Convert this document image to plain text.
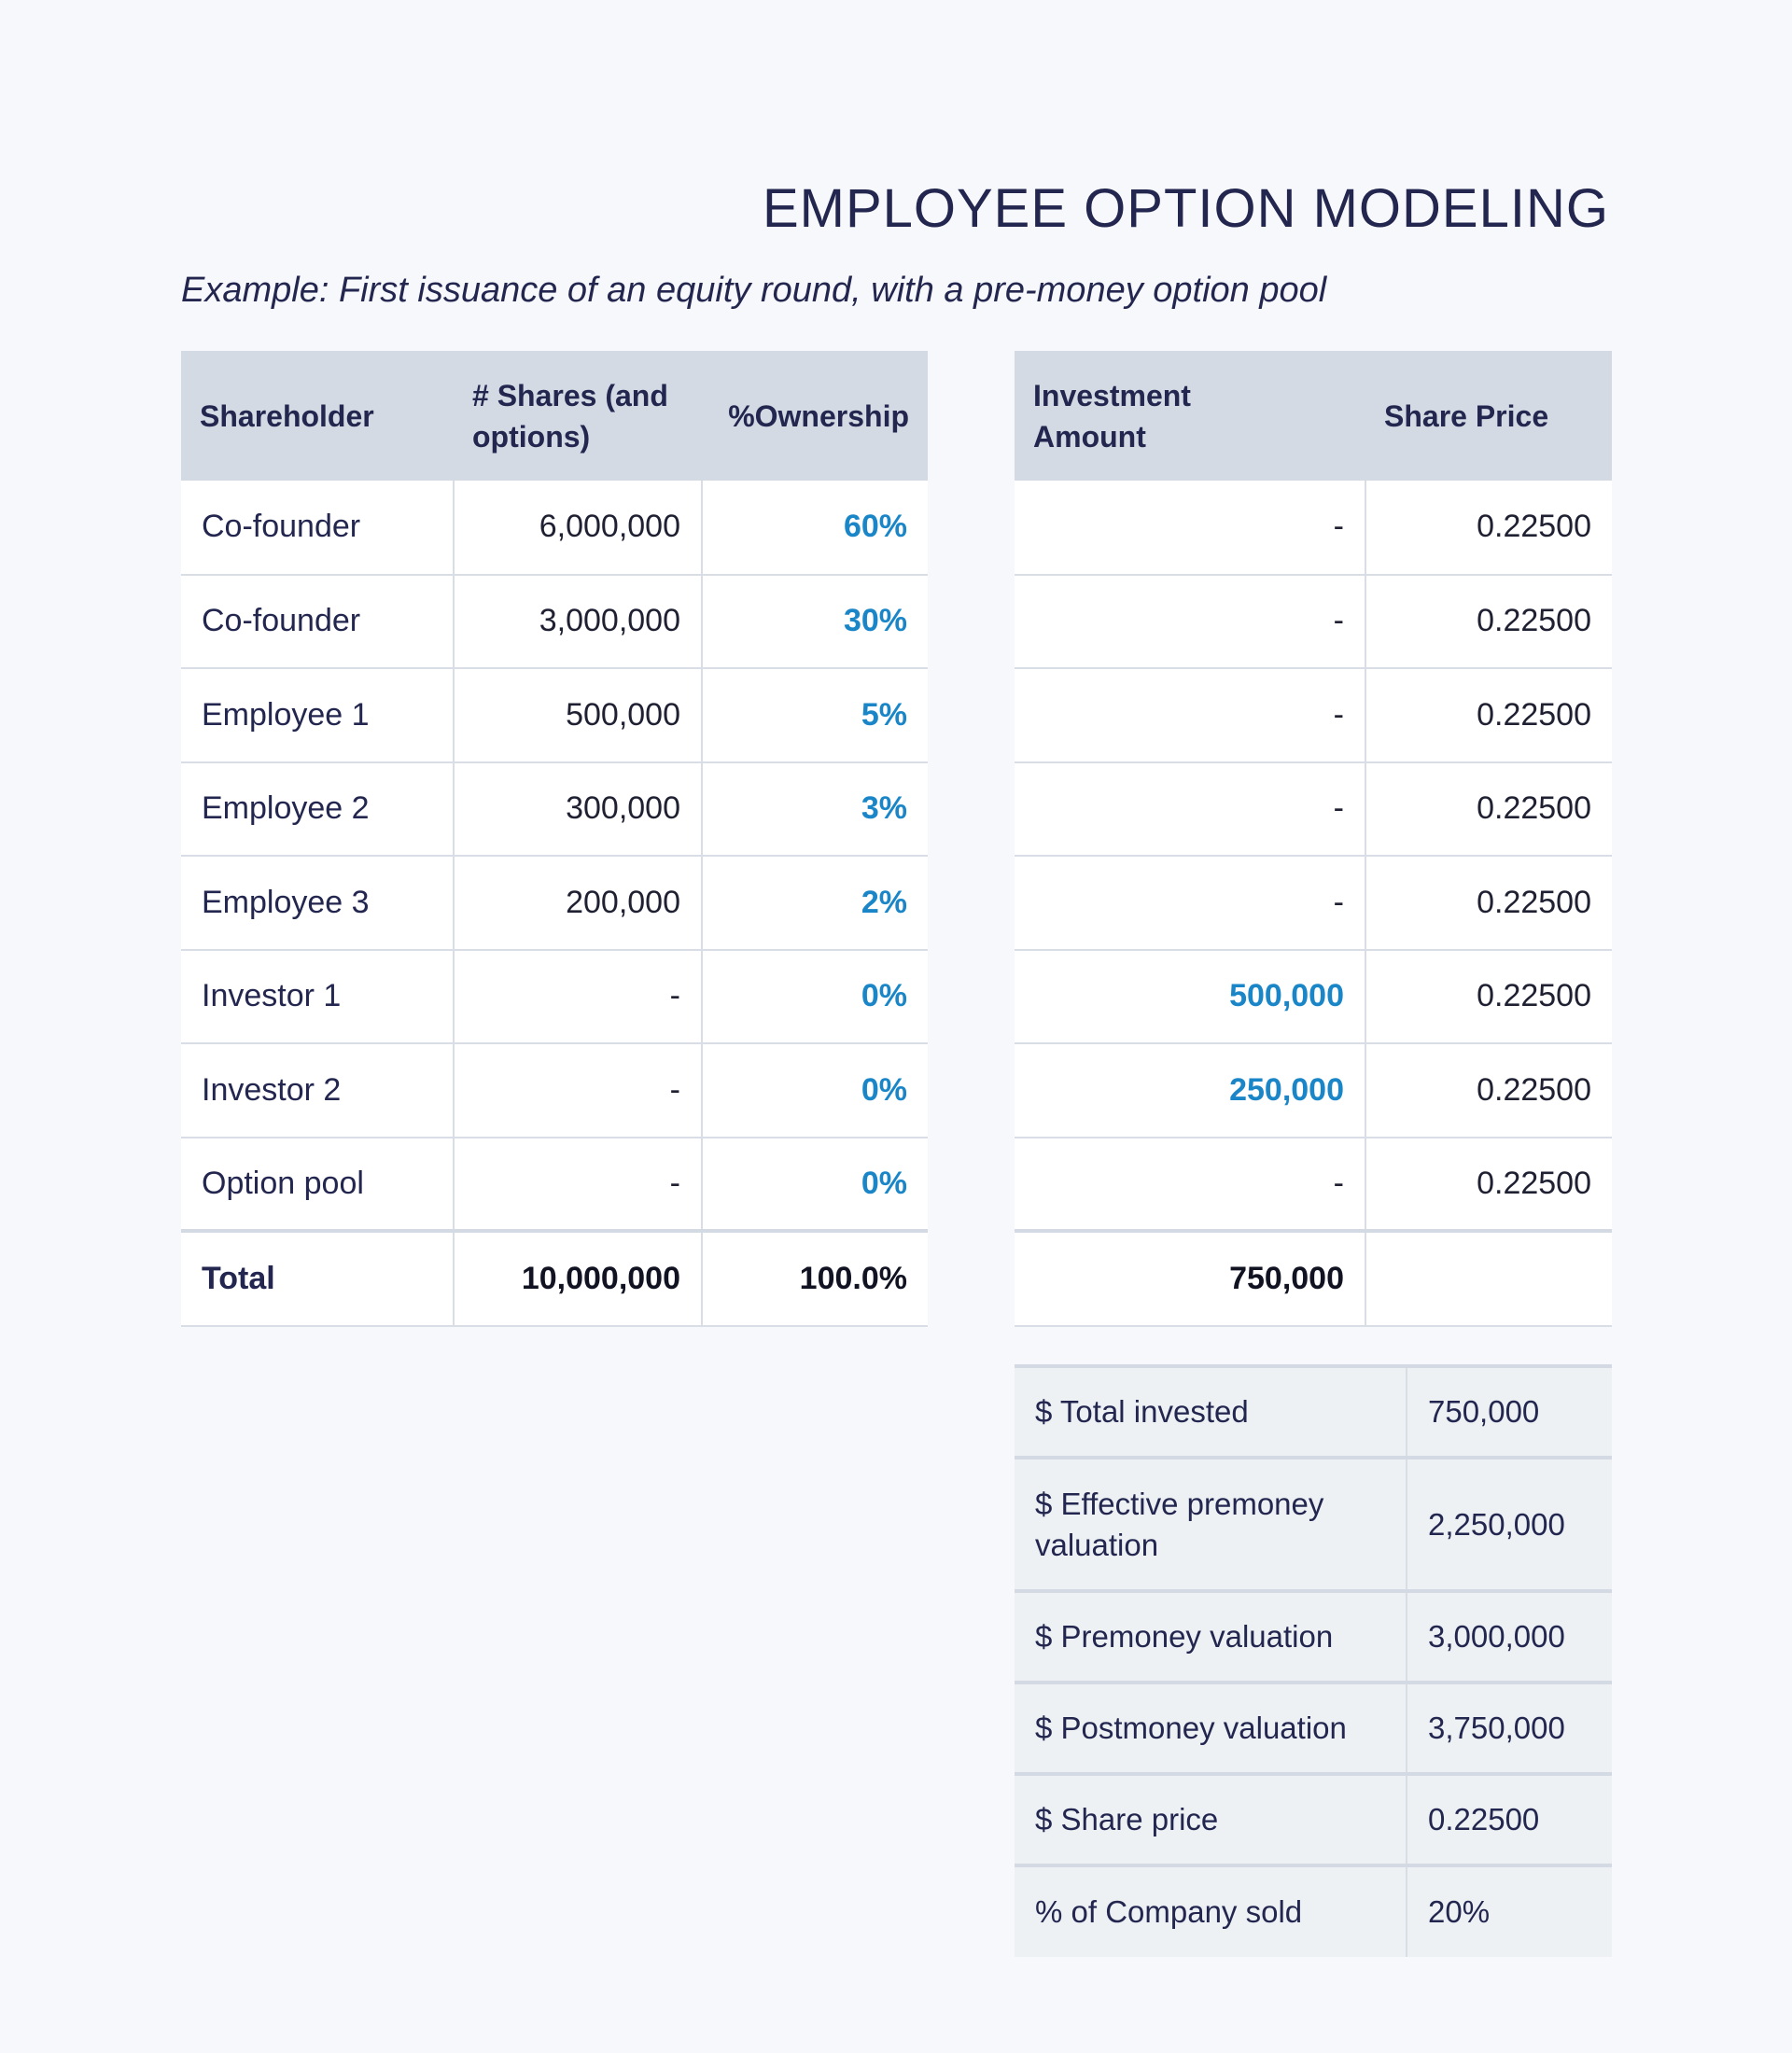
EMPLOYEE OPTION MODELING

Example: First issuance of an equity round, with a pre-money option pool

Shareholder	# Shares (and options)	%Ownership
Co-founder	6,000,000	60%
Co-founder	3,000,000	30%
Employee 1	500,000	5%
Employee 2	300,000	3%
Employee 3	200,000	2%
Investor 1	-	0%
Investor 2	-	0%
Option pool	-	0%
Total	10,000,000	100.0%
Investment Amount	Share Price
-	0.22500
-	0.22500
-	0.22500
-	0.22500
-	0.22500
500,000	0.22500
250,000	0.22500
-	0.22500
750,000	
$ Total invested	750,000

$ Effective premoney valuation	2,250,000
$ Premoney valuation	3,000,000
$ Postmoney valuation	3,750,000
$ Share price	0.22500
% of Company sold	20%
